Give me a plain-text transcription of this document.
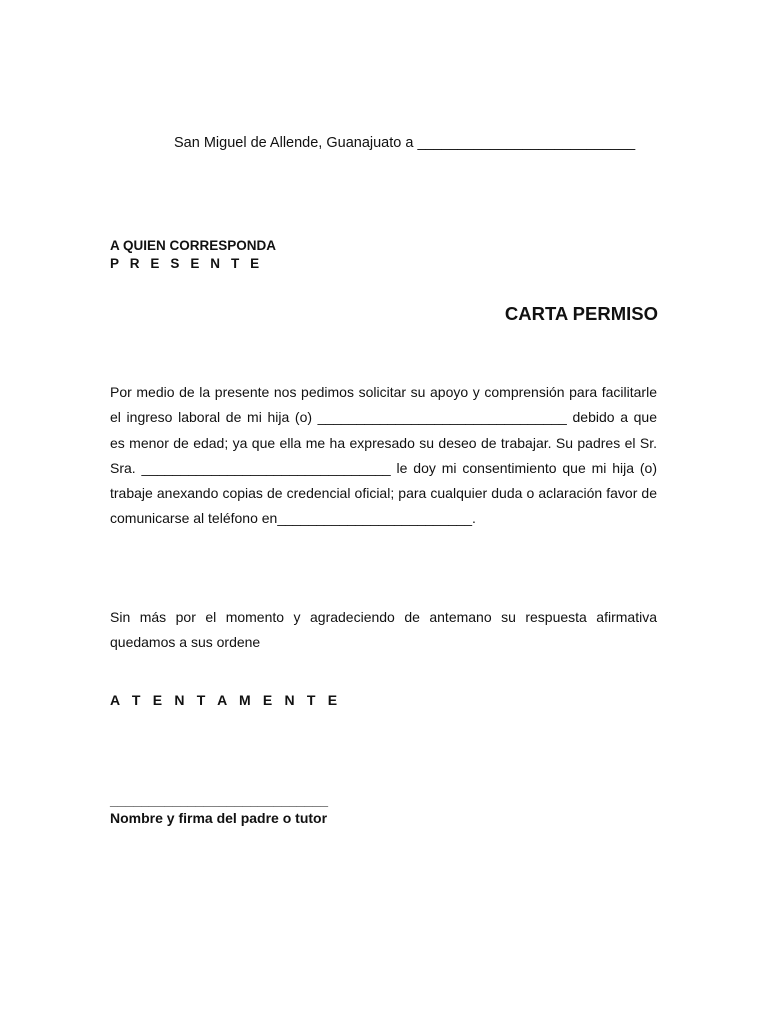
San Miguel de Allende, Guanajuato a ___________________________
A QUIEN CORRESPONDA
P R E S E N T E
CARTA PERMISO

Por medio de la presente nos pedimos solicitar su apoyo y comprensión para facilitarle el ingreso laboral de mi hija (o) ________________________________ debido a que es menor de edad; ya que ella me ha expresado su deseo de trabajar. Su padres el Sr. Sra. ________________________________ le doy mi consentimiento que mi hija (o) trabaje anexando copias de credencial oficial; para cualquier duda o aclaración favor de comunicarse al teléfono en_________________________.

Sin más por el momento y agradeciendo de antemano su respuesta afirmativa quedamos a sus ordene

A T E N T A M E N T E
____________________________
Nombre y firma del padre o tutor
